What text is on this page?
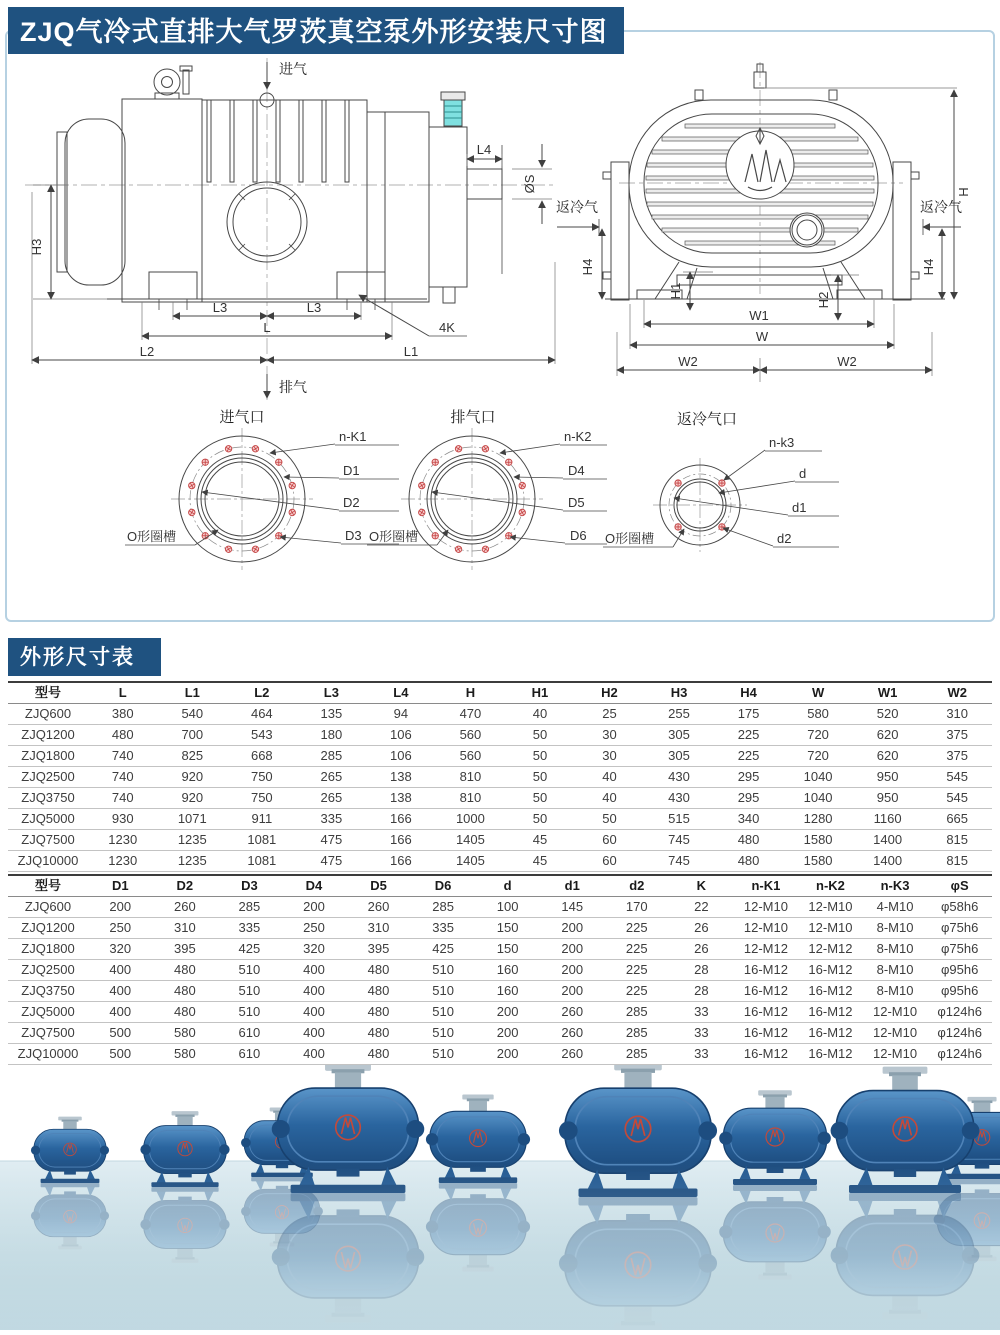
ZJQ气冷式直排大气罗茨真空泵外形安装尺寸图
进气
排气
H3
L3	L3
L
L2	L1
4K
L4
ØS
返冷气	返冷气
H4	H4
H
H1
H2
W1
W
W2	W2
进气口
n-K1
D1
D2
D3
O形圈槽
排气口
n-K2
D4
D5
D6
O形圈槽
返冷气口
n-k3
d
d1
d2
O形圈槽
外形尺寸表
型号	L	L1	L2	L3	L4	H	H1	H2	H3	H4	W	W1	W2
ZJQ600	380	540	464	135	94	470	40	25	255	175	580	520	310
ZJQ1200	480	700	543	180	106	560	50	30	305	225	720	620	375
ZJQ1800	740	825	668	285	106	560	50	30	305	225	720	620	375
ZJQ2500	740	920	750	265	138	810	50	40	430	295	1040	950	545
ZJQ3750	740	920	750	265	138	810	50	40	430	295	1040	950	545
ZJQ5000	930	1071	911	335	166	1000	50	50	515	340	1280	1160	665
ZJQ7500	1230	1235	1081	475	166	1405	45	60	745	480	1580	1400	815
ZJQ10000	1230	1235	1081	475	166	1405	45	60	745	480	1580	1400	815
型号	D1	D2	D3	D4	D5	D6	d	d1	d2	K	n-K1	n-K2	n-K3	φS
ZJQ600	200	260	285	200	260	285	100	145	170	22	12-M10	12-M10	4-M10	φ58h6
ZJQ1200	250	310	335	250	310	335	150	200	225	26	12-M10	12-M10	8-M10	φ75h6
ZJQ1800	320	395	425	320	395	425	150	200	225	26	12-M12	12-M12	8-M10	φ75h6
ZJQ2500	400	480	510	400	480	510	160	200	225	28	16-M12	16-M12	8-M10	φ95h6
ZJQ3750	400	480	510	400	480	510	160	200	225	28	16-M12	16-M12	8-M10	φ95h6
ZJQ5000	400	480	510	400	480	510	200	260	285	33	16-M12	16-M12	12-M10	φ124h6
ZJQ7500	500	580	610	400	480	510	200	260	285	33	16-M12	16-M12	12-M10	φ124h6
ZJQ10000	500	580	610	400	480	510	200	260	285	33	16-M12	16-M12	12-M10	φ124h6
